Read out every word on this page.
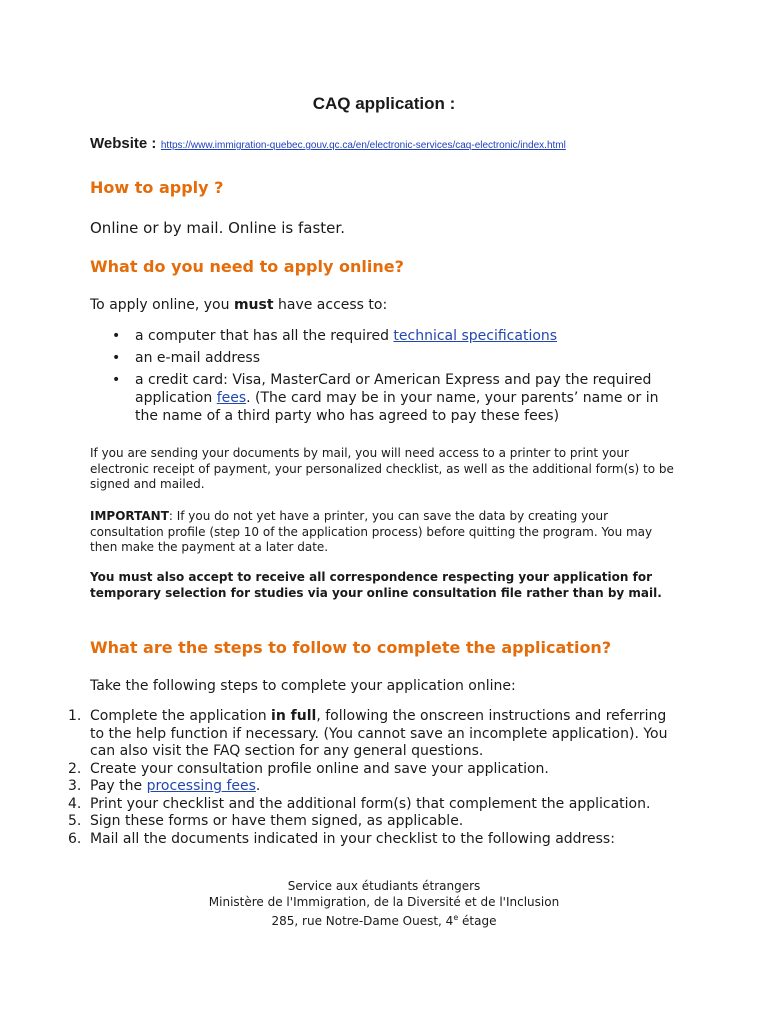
CAQ application :
Website : https://www.immigration-quebec.gouv.qc.ca/en/electronic-services/caq-electronic/index.html
How to apply ?

Online or by mail. Online is faster.

What do you need to apply online?

To apply online, you must have access to:

• a computer that has all the required technical specifications
• an e-mail address
• a credit card: Visa, MasterCard or American Express and pay the required application fees. (The card may be in your name, your parents’ name or in the name of a third party who has agreed to pay these fees)

If you are sending your documents by mail, you will need access to a printer to print your electronic receipt of payment, your personalized checklist, as well as the additional form(s) to be signed and mailed.

IMPORTANT: If you do not yet have a printer, you can save the data by creating your consultation profile (step 10 of the application process) before quitting the program. You may then make the payment at a later date.

You must also accept to receive all correspondence respecting your application for temporary selection for studies via your online consultation file rather than by mail.

What are the steps to follow to complete the application?

Take the following steps to complete your application online:

1. Complete the application in full, following the onscreen instructions and referring to the help function if necessary. (You cannot save an incomplete application). You can also visit the FAQ section for any general questions.
2. Create your consultation profile online and save your application.
3. Pay the processing fees.
4. Print your checklist and the additional form(s) that complement the application.
5. Sign these forms or have them signed, as applicable.
6. Mail all the documents indicated in your checklist to the following address:
Service aux étudiants étrangers
Ministère de l'Immigration, de la Diversité et de l'Inclusion
285, rue Notre-Dame Ouest, 4e étage
